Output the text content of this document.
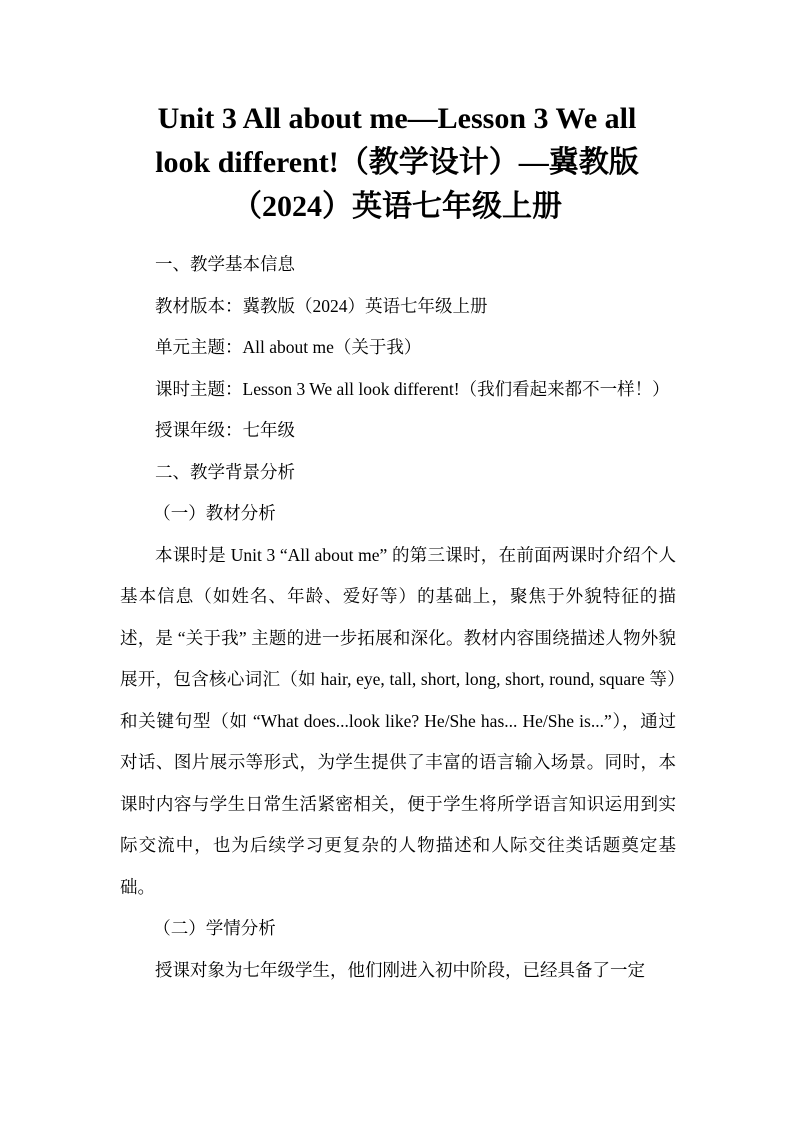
Unit 3 All about me—Lesson 3 We all
look different!（教学设计）—冀教版
（2024）英语七年级上册

一、教学基本信息

教材版本：冀教版（2024）英语七年级上册

单元主题：All about me（关于我）

课时主题：Lesson 3 We all look different!（我们看起来都不一样！）

授课年级：七年级

二、教学背景分析

（一）教材分析

本课时是 Unit 3 “All about me” 的第三课时，在前面两课时介绍个人基本信息（如姓名、年龄、爱好等）的基础上，聚焦于外貌特征的描述，是 “关于我” 主题的进一步拓展和深化。教材内容围绕描述人物外貌展开，包含核心词汇（如 hair, eye, tall, short, long, short, round, square 等）和关键句型（如 “What does...look like? He/She has... He/She is...”），通过对话、图片展示等形式，为学生提供了丰富的语言输入场景。同时，本课时内容与学生日常生活紧密相关，便于学生将所学语言知识运用到实际交流中，也为后续学习更复杂的人物描述和人际交往类话题奠定基础。

（二）学情分析

授课对象为七年级学生，他们刚进入初中阶段，已经具备了一定
